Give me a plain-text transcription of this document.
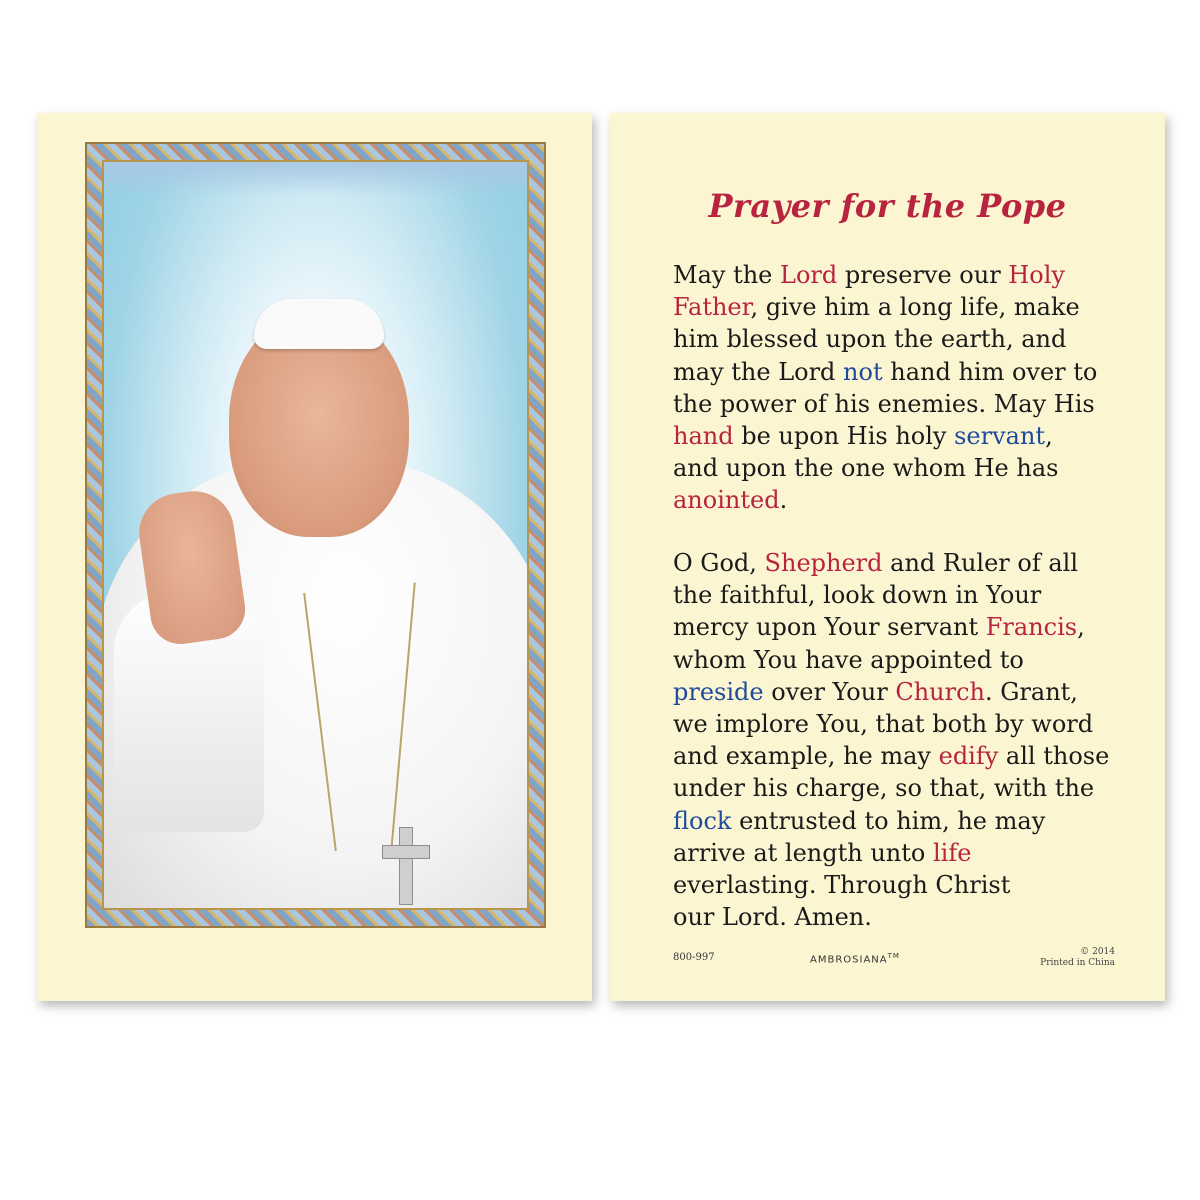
Prayer for the Pope
May the Lord preserve our Holy
Father, give him a long life, make
him blessed upon the earth, and
may the Lord not hand him over to
the power of his enemies. May His
hand be upon His holy servant,
and upon the one whom He has
anointed.
O God, Shepherd and Ruler of all
the faithful, look down in Your
mercy upon Your servant Francis,
whom You have appointed to
preside over Your Church. Grant,
we implore You, that both by word
and example, he may edify all those
under his charge, so that, with the
flock entrusted to him, he may
arrive at length unto life
everlasting. Through Christ
our Lord. Amen.
800-997	AMBROSIANA™	© 2014
Printed in China
